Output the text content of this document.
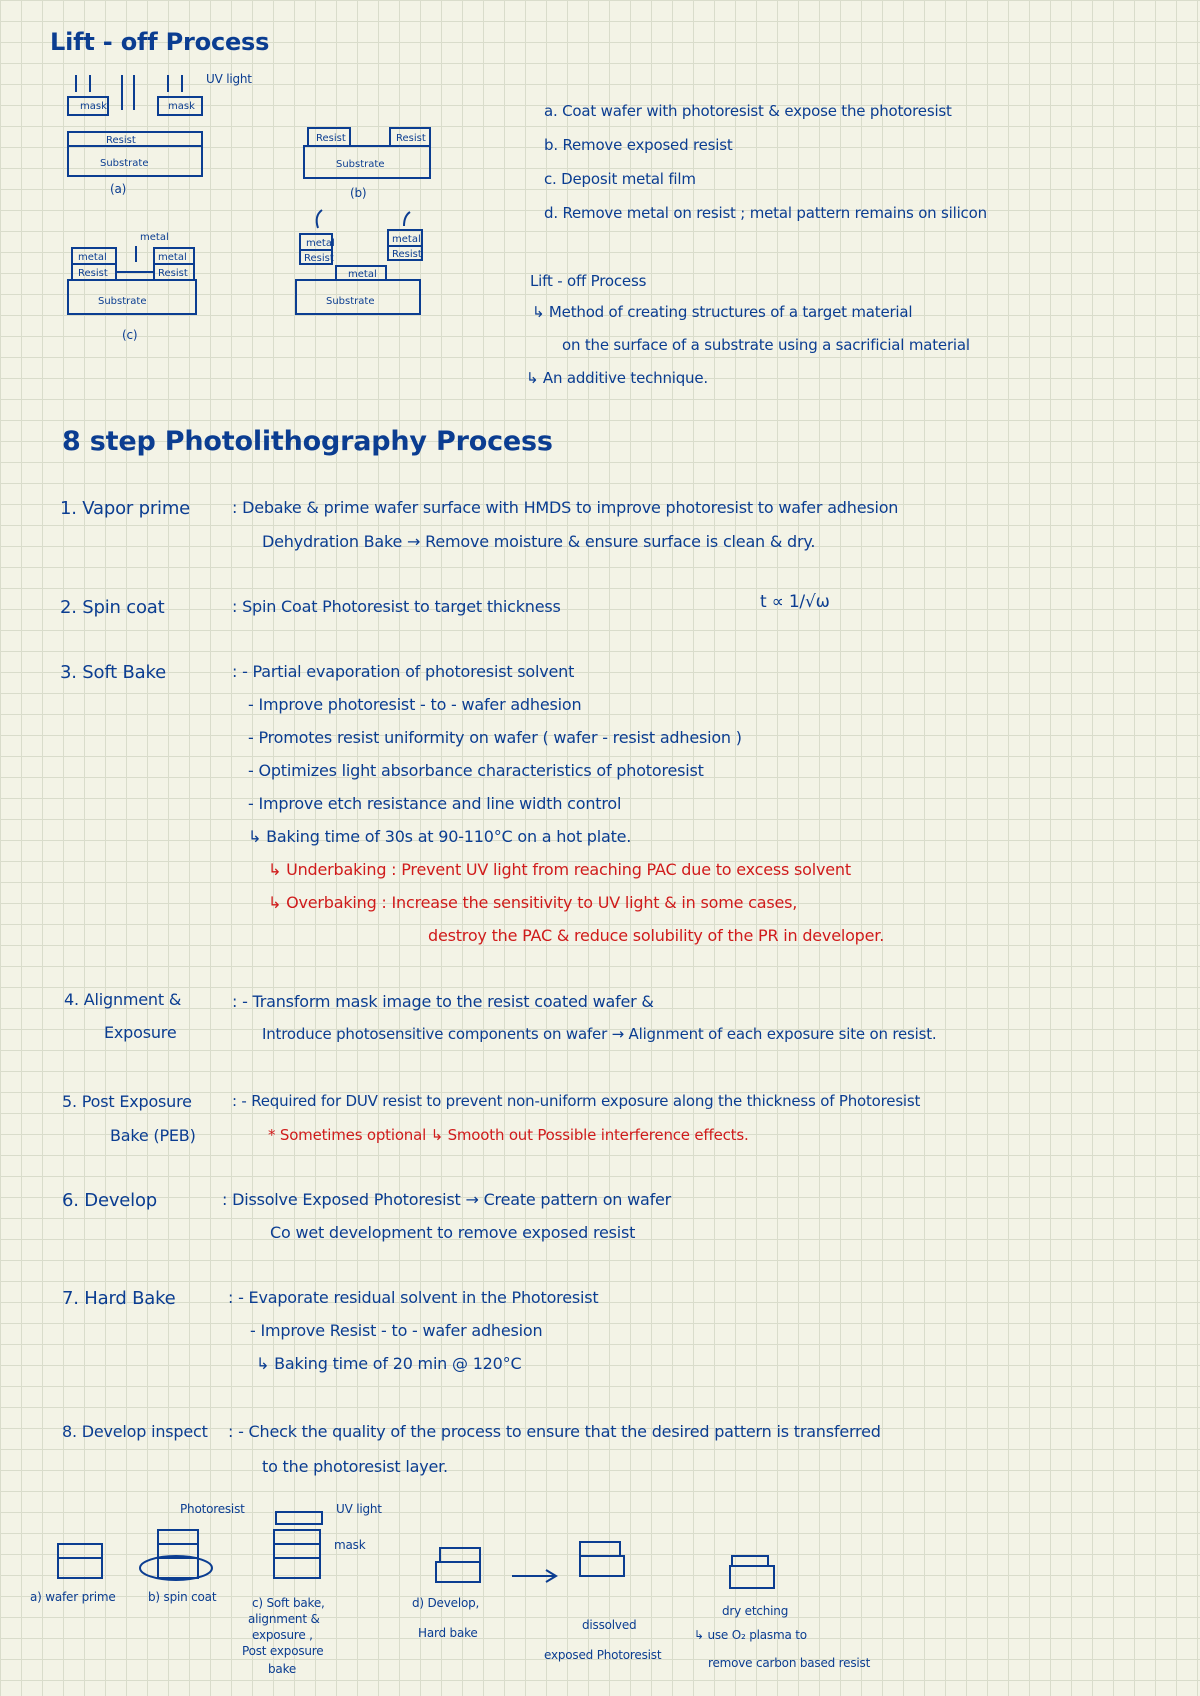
Resist
Substrate
mask	mask
Resist	Resist
Substrate
metal
Resist
metal
Resist
Substrate
metal
metal
Resist
metal
Resist
metal
Substrate
Lift - off Process
UV light
(a)	(b)
(c)
a. Coat wafer with photoresist & expose the photoresist
b. Remove exposed resist
c. Deposit metal film
d. Remove metal on resist ; metal pattern remains on silicon
Lift - off Process
↳ Method of creating structures of a target material
on the surface of a substrate using a sacrificial material
↳ An additive technique.
8 step Photolithography Process
1. Vapor prime	: Debake & prime wafer surface with HMDS to improve photoresist to wafer adhesion
Dehydration Bake → Remove moisture & ensure surface is clean & dry.
2. Spin coat	: Spin Coat Photoresist to target thickness	t ∝ 1/√ω
3. Soft Bake	: - Partial evaporation of photoresist solvent
- Improve photoresist - to - wafer adhesion
- Promotes resist uniformity on wafer ( wafer - resist adhesion )
- Optimizes light absorbance characteristics of photoresist
- Improve etch resistance and line width control
↳ Baking time of 30s at 90-110°C on a hot plate.
↳ Underbaking : Prevent UV light from reaching PAC due to excess solvent
↳ Overbaking : Increase the sensitivity to UV light & in some cases,
destroy the PAC & reduce solubility of the PR in developer.
4. Alignment &
Exposure
: - Transform mask image to the resist coated wafer &
Introduce photosensitive components on wafer → Alignment of each exposure site on resist.
5. Post Exposure
Bake (PEB)
: - Required for DUV resist to prevent non-uniform exposure along the thickness of Photoresist
* Sometimes optional ↳ Smooth out Possible interference effects.
6. Develop	: Dissolve Exposed Photoresist → Create pattern on wafer
Co wet development to remove exposed resist
7. Hard Bake	: - Evaporate residual solvent in the Photoresist
- Improve Resist - to - wafer adhesion
↳ Baking time of 20 min @ 120°C
8. Develop inspect : - Check the quality of the process to ensure that the desired pattern is transferred
to the photoresist layer.
Photoresist	UV light
mask
a) wafer prime	b) spin coat	c) Soft bake,
alignment &
exposure ,
Post exposure
bake
d) Develop,
Hard bake
dissolved
exposed Photoresist
dry etching
↳ use O₂ plasma to
remove carbon based resist
